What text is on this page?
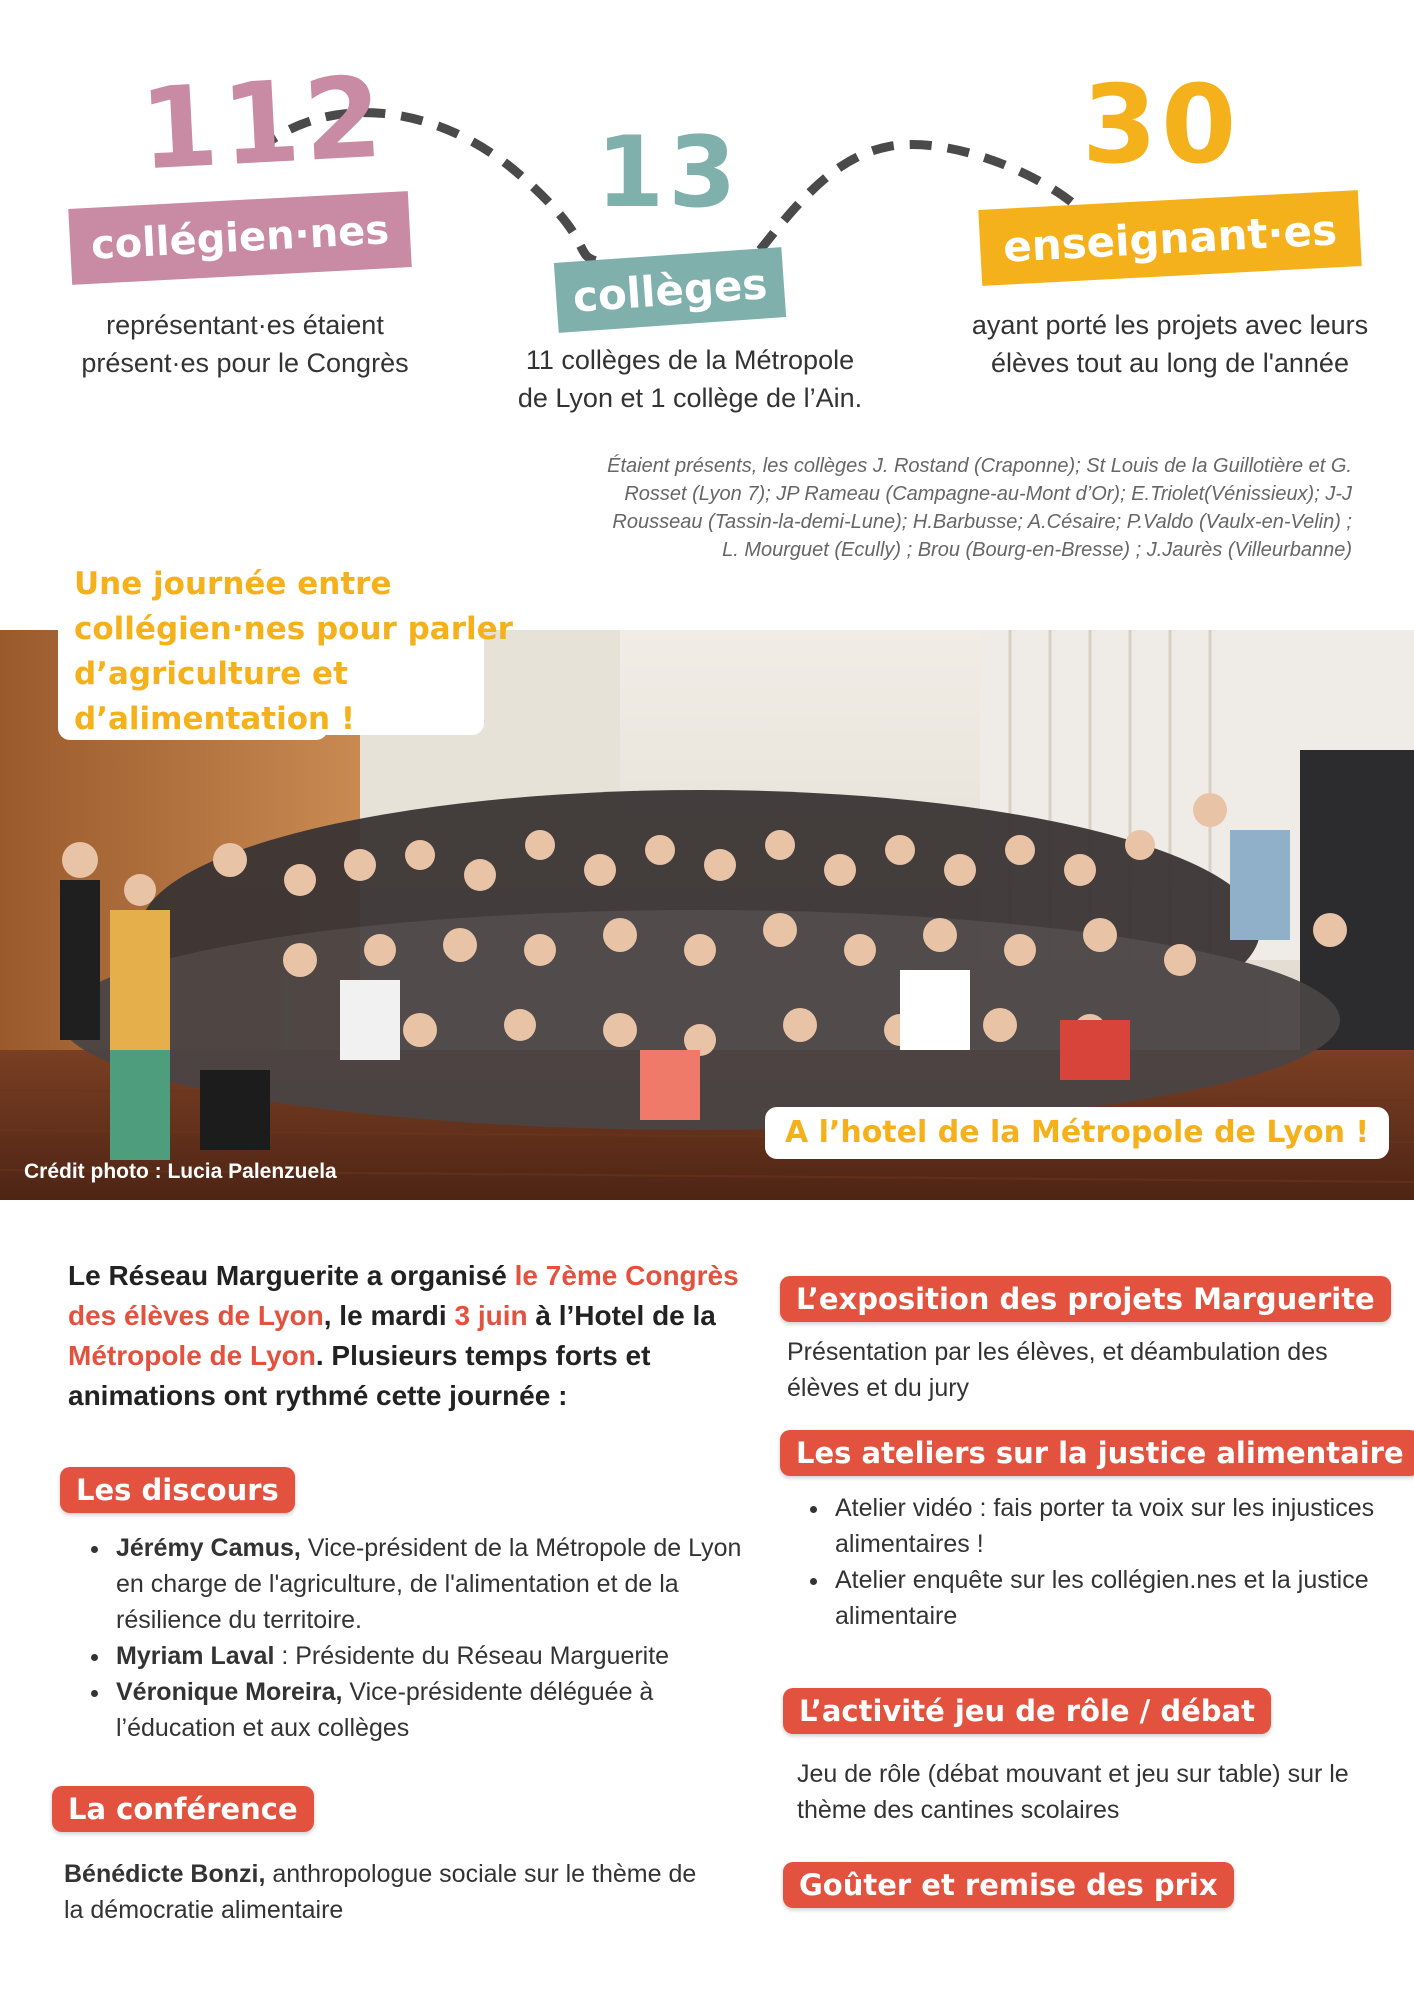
112
collégien·nes
représentant·es étaient
présent·es pour le Congrès
13
collèges
11 collèges de la Métropole
de Lyon et 1 collège de l’Ain.
30
enseignant·es
ayant porté les projets avec leurs
élèves tout au long de l'année
Étaient présents, les collèges J. Rostand (Craponne); St Louis de la Guillotière et G.
Rosset (Lyon 7); JP Rameau (Campagne-au-Mont d’Or); E.Triolet(Vénissieux); J-J
Rousseau (Tassin-la-demi-Lune); H.Barbusse; A.Césaire; P.Valdo (Vaulx-en-Velin) ;
L. Mourguet (Ecully) ; Brou (Bourg-en-Bresse) ; J.Jaurès (Villeurbanne)
Crédit photo : Lucia Palenzuela
Une journée entre
collégien·nes pour parler
d’agriculture et
d’alimentation !
A l’hotel de la Métropole de Lyon !
Le Réseau Marguerite a organisé le 7ème Congrès des élèves de Lyon, le mardi 3 juin à l’Hotel de la Métropole de Lyon. Plusieurs temps forts et animations ont rythmé cette journée :
Les discours
• Jérémy Camus, Vice-président de la Métropole de Lyon en charge de l'agriculture, de l'alimentation et de la résilience du territoire.
• Myriam Laval : Présidente du Réseau Marguerite
• Véronique Moreira, Vice-présidente déléguée à l’éducation et aux collèges
La conférence
Bénédicte Bonzi, anthropologue sociale sur le thème de la démocratie alimentaire
L’exposition des projets Marguerite
Présentation par les élèves, et déambulation des élèves et du jury
Les ateliers sur la justice alimentaire
• Atelier vidéo : fais porter ta voix sur les injustices alimentaires !
• Atelier enquête sur les collégien.nes et la justice alimentaire
L’activité jeu de rôle / débat
Jeu de rôle (débat mouvant et jeu sur table) sur le thème des cantines scolaires
Goûter et remise des prix
